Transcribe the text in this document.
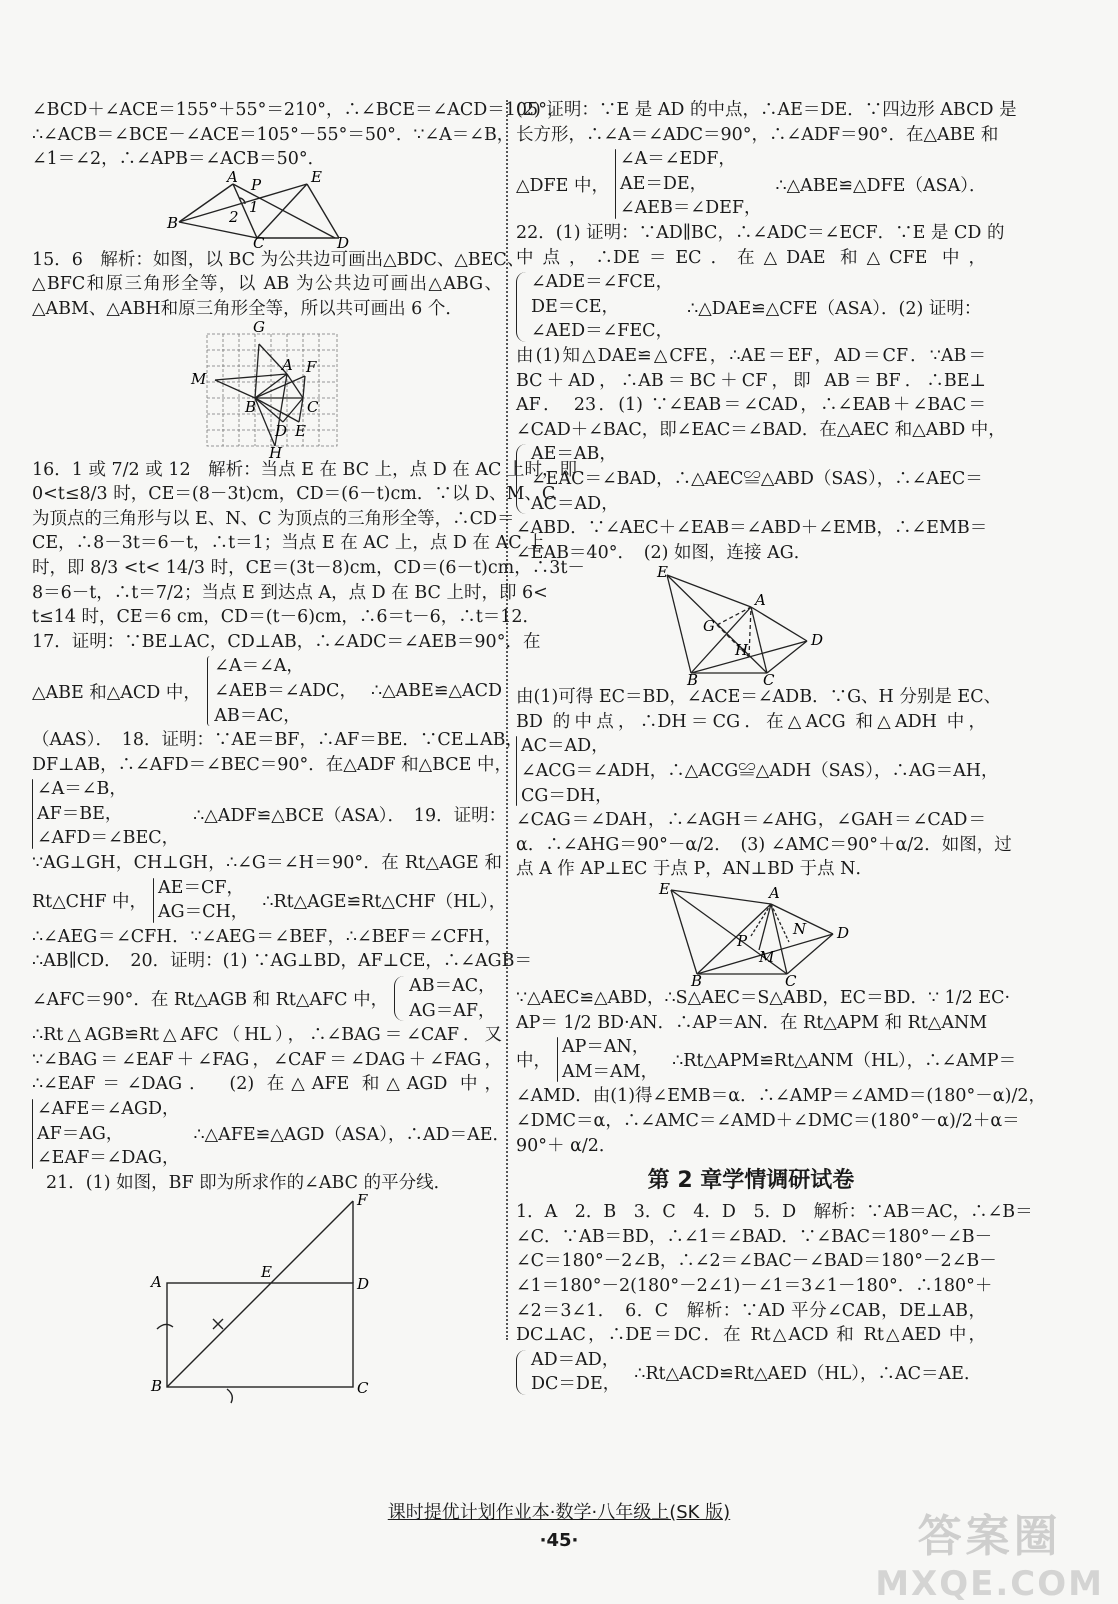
∠BCD＋∠ACE＝155°＋55°＝210°，∴∠BCE＝∠ACD＝105°，
∴∠ACB＝∠BCE－∠ACE＝105°－55°＝50°．∵∠A＝∠B，
∠1＝∠2，∴∠APB＝∠ACB＝50°．
A P	E
1
2
B
C	D
15．6　解析：如图，以 BC 为公共边可画出△BDC、△BEC、
△BFC和原三角形全等，以 AB 为公共边可画出△ABG、
△ABM、△ABH和原三角形全等，所以共可画出 6 个．
G
A F
M
B	C
D E
H
16．1 或 7/2 或 12　解析：当点 E 在 BC 上，点 D 在 AC 上时，即
0<t≤8/3 时，CE＝(8－3t)cm，CD＝(6－t)cm．∵以 D、M、C
为顶点的三角形与以 E、N、C 为顶点的三角形全等，∴CD＝
CE，∴8－3t＝6－t，∴t＝1；当点 E 在 AC 上，点 D 在 AC 上
时，即 8/3 <t< 14/3 时，CE＝(3t－8)cm，CD＝(6－t)cm，∴3t－
8＝6－t，∴t＝7/2；当点 E 到达点 A，点 D 在 BC 上时，即 6<
t≤14 时，CE＝6 cm，CD＝(t－6)cm，∴6＝t－6，∴t＝12．
17．证明：∵BE⊥AC，CD⊥AB，∴∠ADC＝∠AEB＝90°．在
△ABE 和△ACD 中，
∠A＝∠A，
∠AEB＝∠ADC，
AB＝AC，
∴△ABE≌△ACD
（AAS）．　18．证明：∵AE＝BF，∴AF＝BE．∵CE⊥AB，
DF⊥AB，∴∠AFD＝∠BEC＝90°．在△ADF 和△BCE 中，
∠A＝∠B，
AF＝BE，
∠AFD＝∠BEC，
∴△ADF≌△BCE（ASA）．　19．证明：
∵AG⊥GH，CH⊥GH，∴∠G＝∠H＝90°．在 Rt△AGE 和
Rt△CHF 中，
AE＝CF，
AG＝CH，
∴Rt△AGE≌Rt△CHF（HL），
∴∠AEG＝∠CFH．∵∠AEG＝∠BEF，∴∠BEF＝∠CFH，
∴AB∥CD．　20．证明：(1) ∵AG⊥BD，AF⊥CE，∴∠AGB＝
∠AFC＝90°．在 Rt△AGB 和 Rt△AFC 中，
AB＝AC，
AG＝AF，
∴Rt△AGB≌Rt△AFC（HL），∴∠BAG＝∠CAF．又
∵∠BAG＝∠EAF＋∠FAG，∠CAF＝∠DAG＋∠FAG，
∴∠EAF＝∠DAG．　(2) 在△AFE 和△AGD 中，
∠AFE＝∠AGD，
AF＝AG，
∠EAF＝∠DAG，
∴△AFE≌△AGD（ASA），∴AD＝AE．
21．(1) 如图，BF 即为所求作的∠ABC 的平分线．
F
A
E
D
B	C
(2) 证明：∵E 是 AD 的中点，∴AE＝DE．∵四边形 ABCD 是
长方形，∴∠A＝∠ADC＝90°，∴∠ADF＝90°．在△ABE 和
△DFE 中，
∠A＝∠EDF，
AE＝DE，
∠AEB＝∠DEF，
∴△ABE≌△DFE（ASA）．
22．(1) 证明：∵AD∥BC，∴∠ADC＝∠ECF．∵E 是 CD 的
中点，∴DE＝EC．在△DAE 和△CFE 中，
∠ADE＝∠FCE，
DE＝CE，
∠AED＝∠FEC，
∴△DAE≌△CFE（ASA）．(2) 证明：
由(1)知△DAE≌△CFE，∴AE＝EF，AD＝CF．∵AB＝
BC＋AD，∴AB＝BC＋CF，即 AB＝BF．∴BE⊥
AF．　23．(1) ∵∠EAB＝∠CAD，∴∠EAB＋∠BAC＝
∠CAD＋∠BAC，即∠EAC＝∠BAD．在△AEC 和△ABD 中，
AE＝AB，
∠EAC＝∠BAD，∴△AEC≌△ABD（SAS），∴∠AEC＝
AC＝AD，
∠ABD．∵∠AEC＋∠EAB＝∠ABD＋∠EMB，∴∠EMB＝
∠EAB＝40°．　(2) 如图，连接 AG．
E
A
G
H
D
B	C
由(1)可得 EC＝BD，∠ACE＝∠ADB．∵G、H 分别是 EC、
BD 的中点，∴DH＝CG．在△ACG 和△ADH 中，
AC＝AD，
∠ACG＝∠ADH，∴△ACG≌△ADH（SAS），∴AG＝AH，
CG＝DH，
∠CAG＝∠DAH，∴∠AGH＝∠AHG，∠GAH＝∠CAD＝
α．∴∠AHG＝90°－α/2．　(3) ∠AMC＝90°＋α/2．如图，过
点 A 作 AP⊥EC 于点 P，AN⊥BD 于点 N．
E	A
N D
P
M
B	C
∵△AEC≌△ABD，∴S△AEC＝S△ABD，EC＝BD．∵ 1/2 EC·
AP＝ 1/2 BD·AN．∴AP＝AN．在 Rt△APM 和 Rt△ANM
中，
AP＝AN，
AM＝AM，
∴Rt△APM≌Rt△ANM（HL），∴∠AMP＝
∠AMD．由(1)得∠EMB＝α．∴∠AMP＝∠AMD＝(180°－α)/2，
∠DMC＝α，∴∠AMC＝∠AMD＋∠DMC＝(180°－α)/2＋α＝
90°＋ α/2．
第 2 章学情调研试卷
1．A　2．B　3．C　4．D　5．D　解析：∵AB＝AC，∴∠B＝
∠C．∵AB＝BD，∴∠1＝∠BAD．∵∠BAC＝180°－∠B－
∠C＝180°－2∠B，∴∠2＝∠BAC－∠BAD＝180°－2∠B－
∠1＝180°－2(180°－2∠1)－∠1＝3∠1－180°．∴180°＋
∠2＝3∠1．　6．C　解析：∵AD 平分∠CAB，DE⊥AB，
DC⊥AC，∴DE＝DC．在 Rt△ACD 和 Rt△AED 中，
AD＝AD，
DC＝DE，
∴Rt△ACD≌Rt△AED（HL），∴AC＝AE．
课时提优计划作业本·数学·八年级上(SK 版)
·45·	答案圈
MXQE.COM
